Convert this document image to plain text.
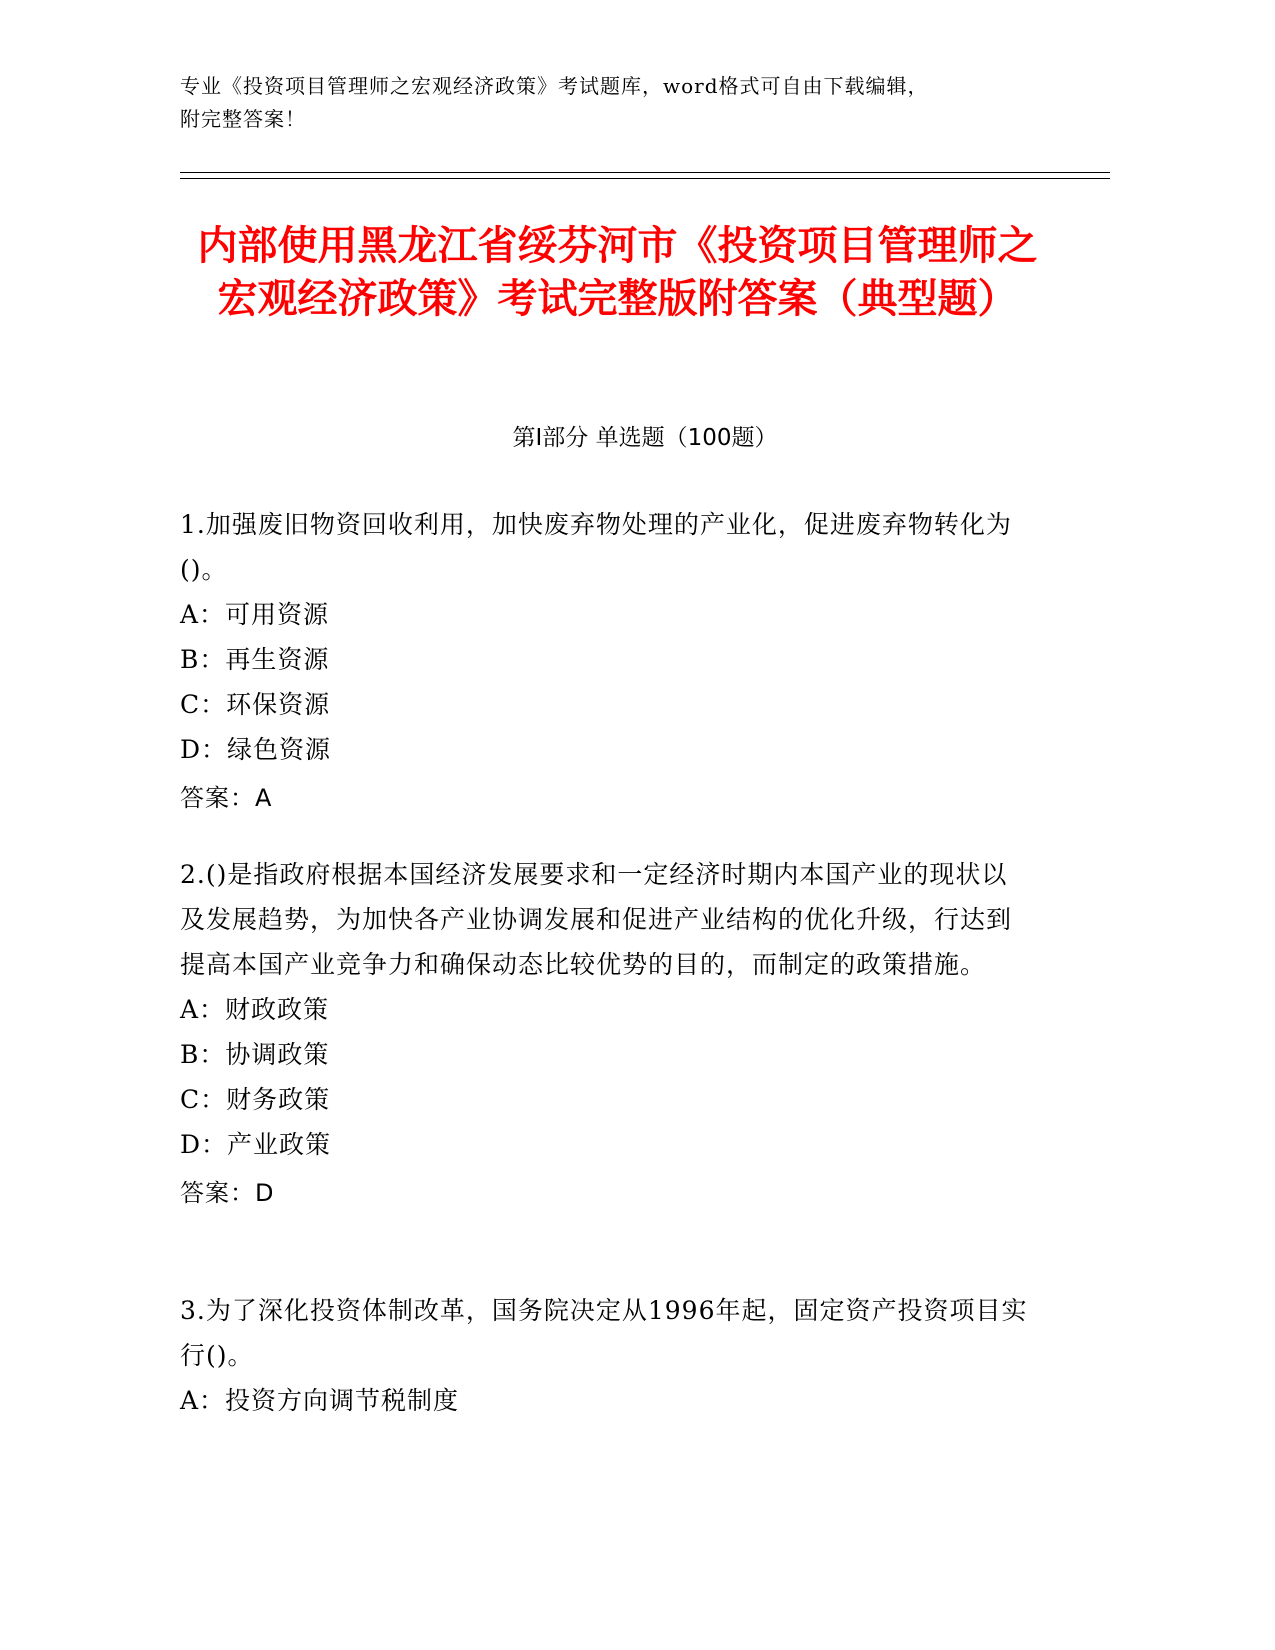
专业《投资项目管理师之宏观经济政策》考试题库，word格式可自由下载编辑，
附完整答案！
内部使用黑龙江省绥芬河市《投资项目管理师之宏观经济政策》考试完整版附答案（典型题）
第Ⅰ部分 单选题（100题）
1.加强废旧物资回收利用，加快废弃物处理的产业化，促进废弃物转化为()。
A：可用资源
B：再生资源
C：环保资源
D：绿色资源
答案：A
2.()是指政府根据本国经济发展要求和一定经济时期内本国产业的现状以及发展趋势，为加快各产业协调发展和促进产业结构的优化升级，行达到提高本国产业竞争力和确保动态比较优势的目的，而制定的政策措施。
A：财政政策
B：协调政策
C：财务政策
D：产业政策
答案：D
3.为了深化投资体制改革，国务院决定从1996年起，固定资产投资项目实行()。
A：投资方向调节税制度
